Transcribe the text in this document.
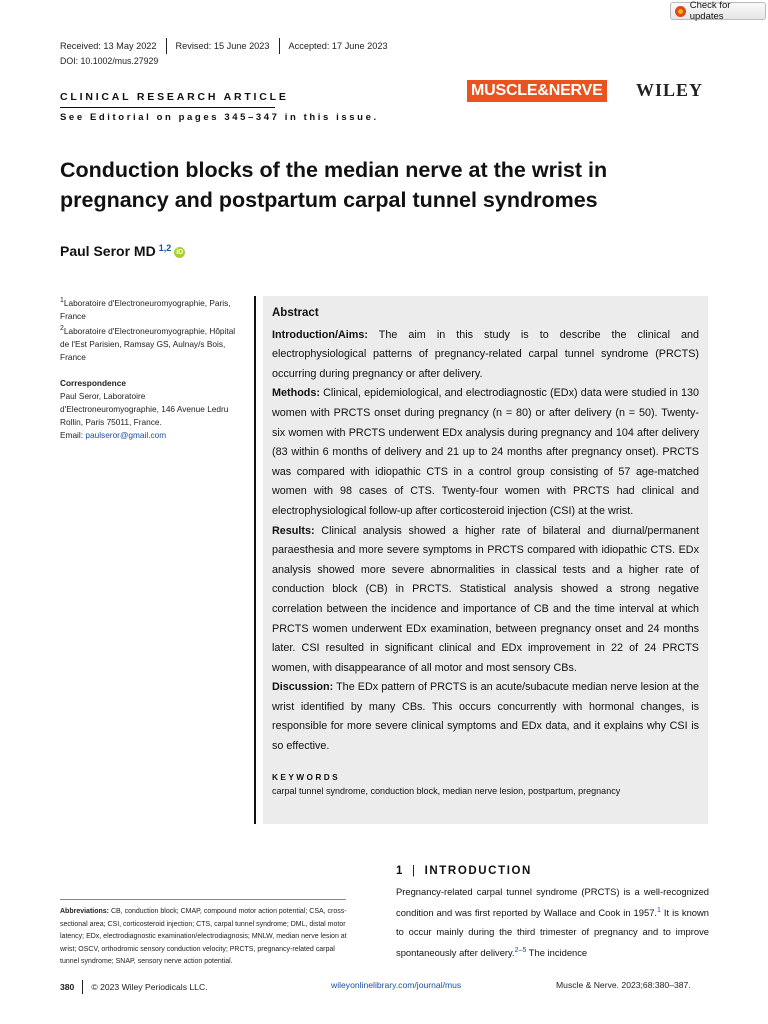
Check for updates
Received: 13 May 2022 Revised: 15 June 2023 Accepted: 17 June 2023
DOI: 10.1002/mus.27929
CLINICAL RESEARCH ARTICLE
See Editorial on pages 345–347 in this issue.
MUSCLE&NERVE WILEY
Conduction blocks of the median nerve at the wrist in pregnancy and postpartum carpal tunnel syndromes
Paul Seror MD $^{1,2}$ iD
$^1$Laboratoire d'Electroneuromyographie, Paris, France
$^2$Laboratoire d'Electroneuromyographie, Hôpital de l'Est Parisien, Ramsay GS, Aulnay/s Bois, France
Correspondence
Paul Seror, Laboratoire d'Electroneuromyographie, 146 Avenue Ledru Rollin, Paris 75011, France.
Email: paulseror@gmail.com
Abstract

Introduction/Aims: The aim in this study is to describe the clinical and electrophysiological patterns of pregnancy-related carpal tunnel syndrome (PRCTS) occurring during pregnancy or after delivery.

Methods: Clinical, epidemiological, and electrodiagnostic (EDx) data were studied in 130 women with PRCTS onset during pregnancy (n = 80) or after delivery (n = 50). Twenty-six women with PRCTS underwent EDx analysis during pregnancy and 104 after delivery (83 within 6 months of delivery and 21 up to 24 months after pregnancy onset). PRCTS was compared with idiopathic CTS in a control group consisting of 57 age-matched women with 98 cases of CTS. Twenty-four women with PRCTS had clinical and electrophysiological follow-up after corticosteroid injection (CSI) at the wrist.

Results: Clinical analysis showed a higher rate of bilateral and diurnal/permanent paraesthesia and more severe symptoms in PRCTS compared with idiopathic CTS. EDx analysis showed more severe abnormalities in classical tests and a higher rate of conduction block (CB) in PRCTS. Statistical analysis showed a strong negative correlation between the incidence and importance of CB and the time interval at which PRCTS women underwent EDx examination, between pregnancy onset and 24 months later. CSI resulted in significant clinical and EDx improvement in 22 of 24 PRCTS women, with disappearance of all motor and most sensory CBs.

Discussion: The EDx pattern of PRCTS is an acute/subacute median nerve lesion at the wrist identified by many CBs. This occurs concurrently with hormonal changes, is responsible for more severe clinical symptoms and EDx data, and it explains why CSI is so effective.

KEYWORDS
carpal tunnel syndrome, conduction block, median nerve lesion, postpartum, pregnancy
1 | INTRODUCTION
Pregnancy-related carpal tunnel syndrome (PRCTS) is a well-recognized condition and was first reported by Wallace and Cook in 1957.$^1$ It is known to occur mainly during the third trimester of pregnancy and to improve spontaneously after delivery.$^{2-5}$ The incidence
Abbreviations: CB, conduction block; CMAP, compound motor action potential; CSA, cross-sectional area; CSI, corticosteroid injection; CTS, carpal tunnel syndrome; DML, distal motor latency; EDx, electrodiagnostic examination/electrodiagnosis; MNLW, median nerve lesion at wrist; OSCV, orthodromic sensory conduction velocity; PRCTS, pregnancy-related carpal tunnel syndrome; SNAP, sensory nerve action potential.
380 © 2023 Wiley Periodicals LLC.	wileyonlinelibrary.com/journal/mus	Muscle & Nerve. 2023;68:380–387.
